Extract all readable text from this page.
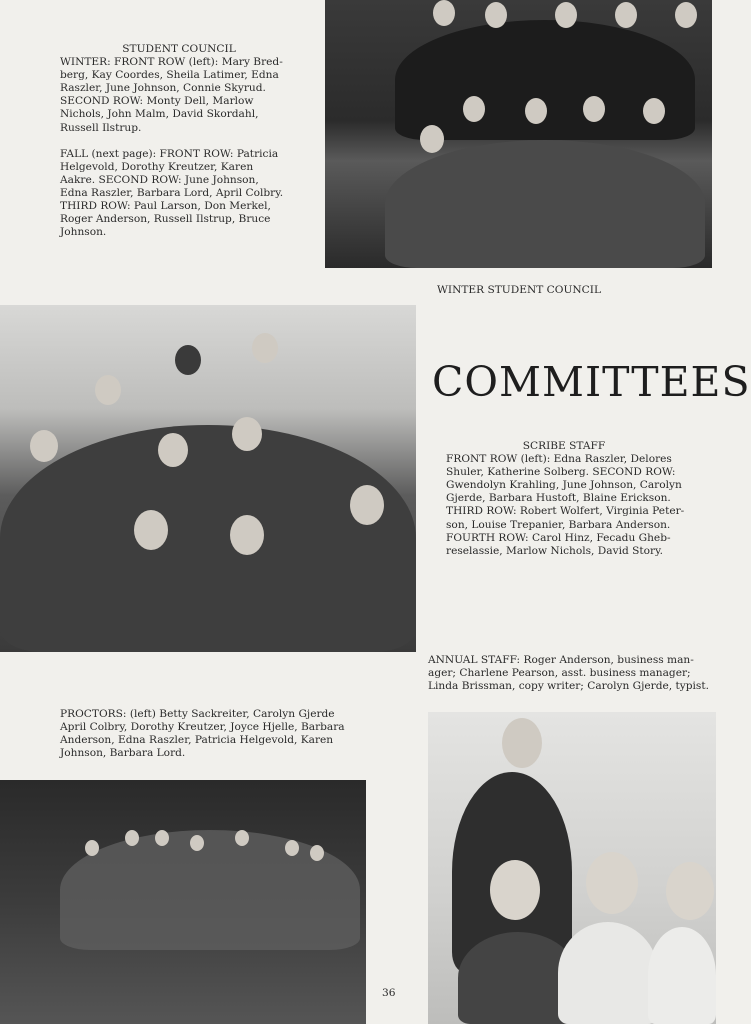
STUDENT COUNCIL
WINTER: FRONT ROW (left): Mary Bred-
berg, Kay Coordes, Sheila Latimer, Edna
Raszler, June Johnson, Connie Skyrud.
SECOND ROW: Monty Dell, Marlow
Nichols, John Malm, David Skordahl,
Russell Ilstrup.
FALL (next page): FRONT ROW: Patricia
Helgevold, Dorothy Kreutzer, Karen
Aakre. SECOND ROW: June Johnson,
Edna Raszler, Barbara Lord, April Colbry.
THIRD ROW: Paul Larson, Don Merkel,
Roger Anderson, Russell Ilstrup, Bruce
Johnson.
WINTER STUDENT COUNCIL
COMMITTEES
SCRIBE STAFF
FRONT ROW (left): Edna Raszler, Delores
Shuler, Katherine Solberg. SECOND ROW:
Gwendolyn Krahling, June Johnson, Carolyn
Gjerde, Barbara Hustoft, Blaine Erickson.
THIRD ROW: Robert Wolfert, Virginia Peter-
son, Louise Trepanier, Barbara Anderson.
FOURTH ROW: Carol Hinz, Fecadu Gheb-
reselassie, Marlow Nichols, David Story.
ANNUAL STAFF: Roger Anderson, business man-
ager; Charlene Pearson, asst. business manager;
Linda Brissman, copy writer; Carolyn Gjerde, typist.
PROCTORS: (left) Betty Sackreiter, Carolyn Gjerde
April Colbry, Dorothy Kreutzer, Joyce Hjelle, Barbara
Anderson, Edna Raszler, Patricia Helgevold, Karen
Johnson, Barbara Lord.
36
